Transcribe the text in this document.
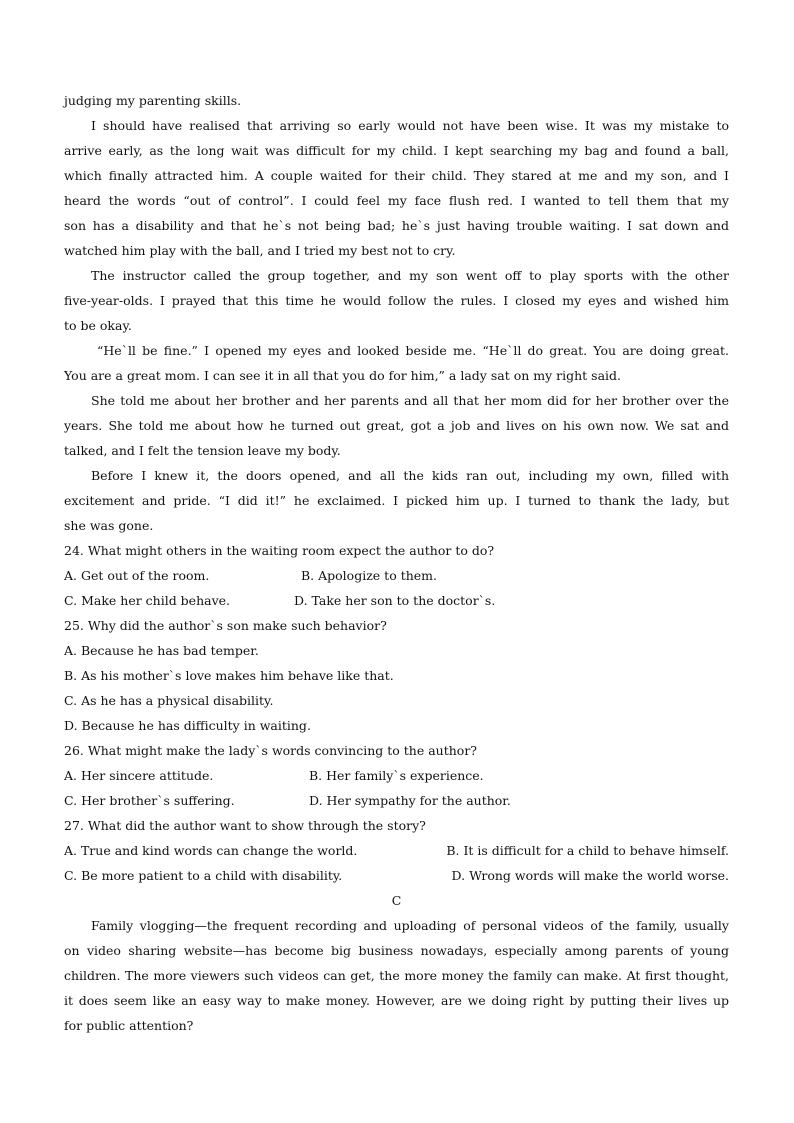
judging my parenting skills.
I should have realised that arriving so early would not have been wise. It was my mistake to
arrive early, as the long wait was difficult for my child. I kept searching my bag and found a ball,
which finally attracted him. A couple waited for their child. They stared at me and my son, and I
heard the words “out of control”. I could feel my face flush red. I wanted to tell them that my
son has a disability and that he`s not being bad; he`s just having trouble waiting. I sat down and
watched him play with the ball, and I tried my best not to cry.
The instructor called the group together, and my son went off to play sports with the other
five-year-olds. I prayed that this time he would follow the rules. I closed my eyes and wished him
to be okay.
“He`ll be fine.” I opened my eyes and looked beside me. “He`ll do great. You are doing great.
You are a great mom. I can see it in all that you do for him,” a lady sat on my right said.
She told me about her brother and her parents and all that her mom did for her brother over the
years. She told me about how he turned out great, got a job and lives on his own now. We sat and
talked, and I felt the tension leave my body.
Before I knew it, the doors opened, and all the kids ran out, including my own, filled with
excitement and pride. “I did it!” he exclaimed. I picked him up. I turned to thank the lady, but
she was gone.
24. What might others in the waiting room expect the author to do?
A. Get out of the room.	B. Apologize to them.
C. Make her child behave.	D. Take her son to the doctor`s.
25. Why did the author`s son make such behavior?
A. Because he has bad temper.
B. As his mother`s love makes him behave like that.
C. As he has a physical disability.
D. Because he has difficulty in waiting.
26. What might make the lady`s words convincing to the author?
A. Her sincere attitude.	B. Her family`s experience.
C. Her brother`s suffering.	D. Her sympathy for the author.
27. What did the author want to show through the story?
A. True and kind words can change the world.	B. It is difficult for a child to behave himself.
C. Be more patient to a child with disability.	D. Wrong words will make the world worse.
C
Family vlogging—the frequent recording and uploading of personal videos of the family, usually
on video sharing website—has become big business nowadays, especially among parents of young
children. The more viewers such videos can get, the more money the family can make. At first thought,
it does seem like an easy way to make money. However, are we doing right by putting their lives up
for public attention?
